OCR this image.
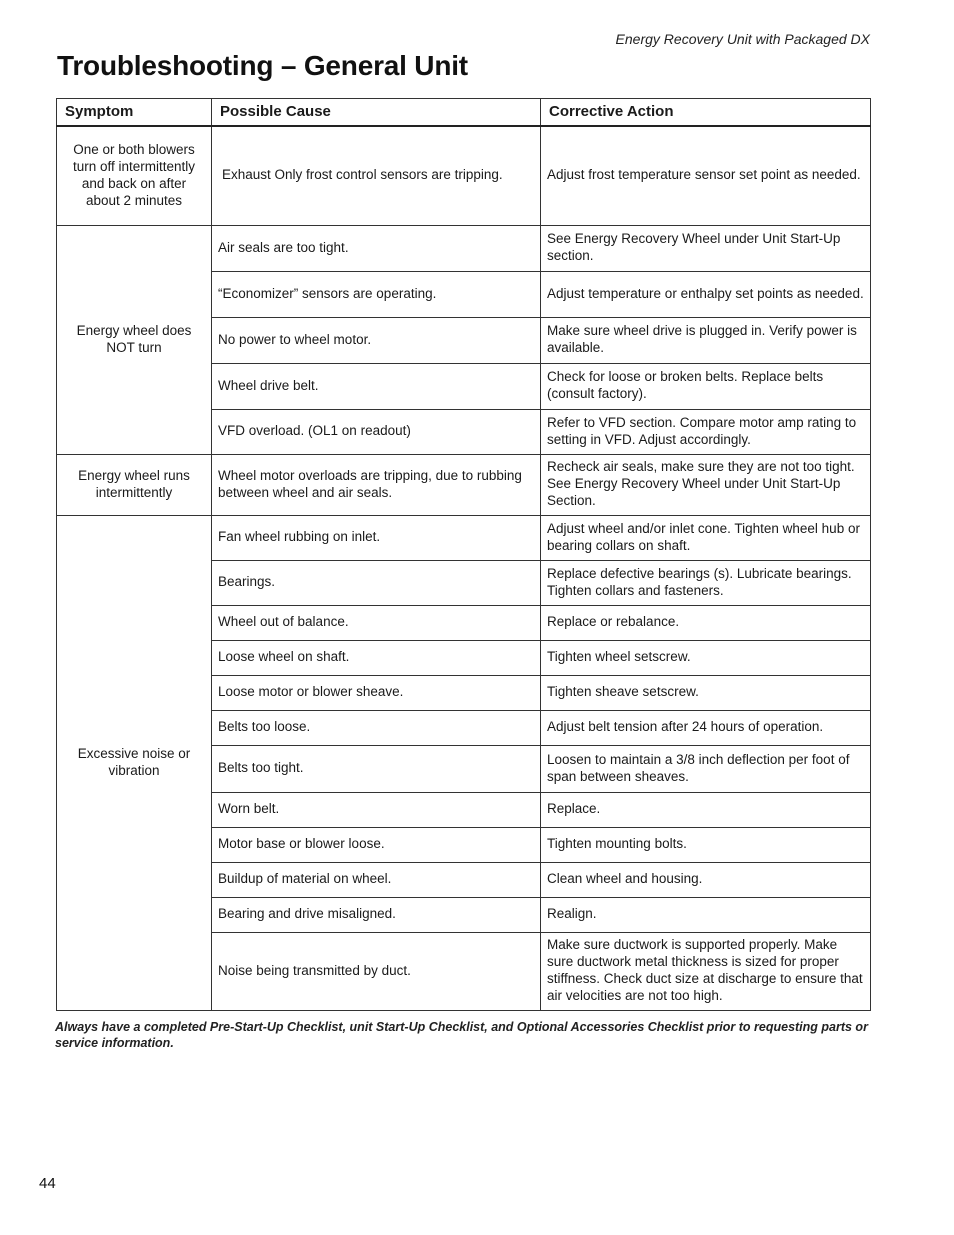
Energy Recovery Unit with Packaged DX
Troubleshooting – General Unit
Symptom	Possible Cause	Corrective Action
One or both blowers turn off intermittently and back on after about 2 minutes	Exhaust Only frost control sensors are tripping.	Adjust frost temperature sensor set point as needed.
Energy wheel does NOT turn	Air seals are too tight.	See Energy Recovery Wheel under Unit Start-Up section.
	“Economizer” sensors are operating.	Adjust temperature or enthalpy set points as needed.
	No power to wheel motor.	Make sure wheel drive is plugged in. Verify power is available.
	Wheel drive belt.	Check for loose or broken belts. Replace belts (consult factory).
	VFD overload. (OL1 on readout)	Refer to VFD section. Compare motor amp rating to setting in VFD. Adjust accordingly.
Energy wheel runs intermittently	Wheel motor overloads are tripping, due to rubbing between wheel and air seals.	Recheck air seals, make sure they are not too tight. See Energy Recovery Wheel under Unit Start-Up Section.
Excessive noise or vibration	Fan wheel rubbing on inlet.	Adjust wheel and/or inlet cone. Tighten wheel hub or bearing collars on shaft.
	Bearings.	Replace defective bearings (s). Lubricate bearings. Tighten collars and fasteners.
	Wheel out of balance.	Replace or rebalance.
	Loose wheel on shaft.	Tighten wheel setscrew.
	Loose motor or blower sheave.	Tighten sheave setscrew.
	Belts too loose.	Adjust belt tension after 24 hours of operation.
	Belts too tight.	Loosen to maintain a 3/8 inch deflection per foot of span between sheaves.
	Worn belt.	Replace.
	Motor base or blower loose.	Tighten mounting bolts.
	Buildup of material on wheel.	Clean wheel and housing.
	Bearing and drive misaligned.	Realign.
	Noise being transmitted by duct.	Make sure ductwork is supported properly. Make sure ductwork metal thickness is sized for proper stiffness. Check duct size at discharge to ensure that air velocities are not too high.

Always have a completed Pre-Start-Up Checklist, unit Start-Up Checklist, and Optional Accessories Checklist prior to requesting parts or service information.

44
